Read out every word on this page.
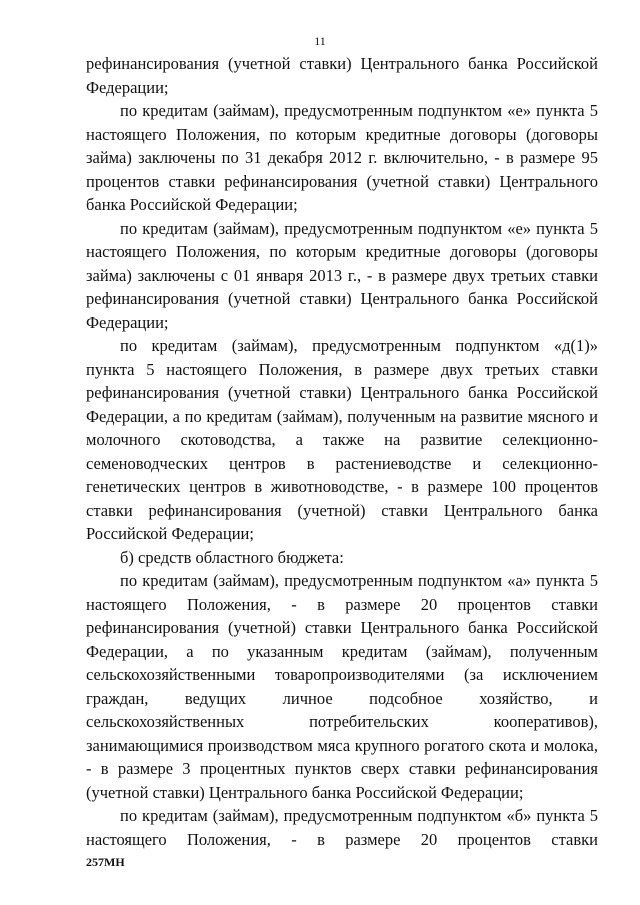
11

рефинансирования (учетной ставки) Центрального банка Российской Федерации;

по кредитам (займам), предусмотренным подпунктом «е» пункта 5 настоящего Положения, по которым кредитные договоры (договоры займа) заключены по 31 декабря 2012 г. включительно, - в размере 95 процентов ставки рефинансирования (учетной ставки) Центрального банка Российской Федерации;

по кредитам (займам), предусмотренным подпунктом «е» пункта 5 настоящего Положения, по которым кредитные договоры (договоры займа) заключены с 01 января 2013 г., - в размере двух третьих ставки рефинансирования (учетной ставки) Центрального банка Российской Федерации;

по кредитам (займам), предусмотренным подпунктом «д(1)» пункта 5 настоящего Положения, в размере двух третьих ставки рефинансирования (учетной ставки) Центрального банка Российской Федерации, а по кредитам (займам), полученным на развитие мясного и молочного скотоводства, а также на развитие селекционно-семеноводческих центров в растениеводстве и селекционно-генетических центров в животноводстве, - в размере 100 процентов ставки рефинансирования (учетной) ставки Центрального банка Российской Федерации;

б) средств областного бюджета:

по кредитам (займам), предусмотренным подпунктом «а» пункта 5 настоящего Положения, - в размере 20 процентов ставки рефинансирования (учетной) ставки Центрального банка Российской Федерации, а по указанным кредитам (займам), полученным сельскохозяйственными товаропроизводителями (за исключением граждан, ведущих личное подсобное хозяйство, и сельскохозяйственных потребительских кооперативов), занимающимися производством мяса крупного рогатого скота и молока, - в размере 3 процентных пунктов сверх ставки рефинансирования (учетной ставки) Центрального банка Российской Федерации;

по кредитам (займам), предусмотренным подпунктом «б» пункта 5 настоящего Положения, - в размере 20 процентов ставки

257МН
